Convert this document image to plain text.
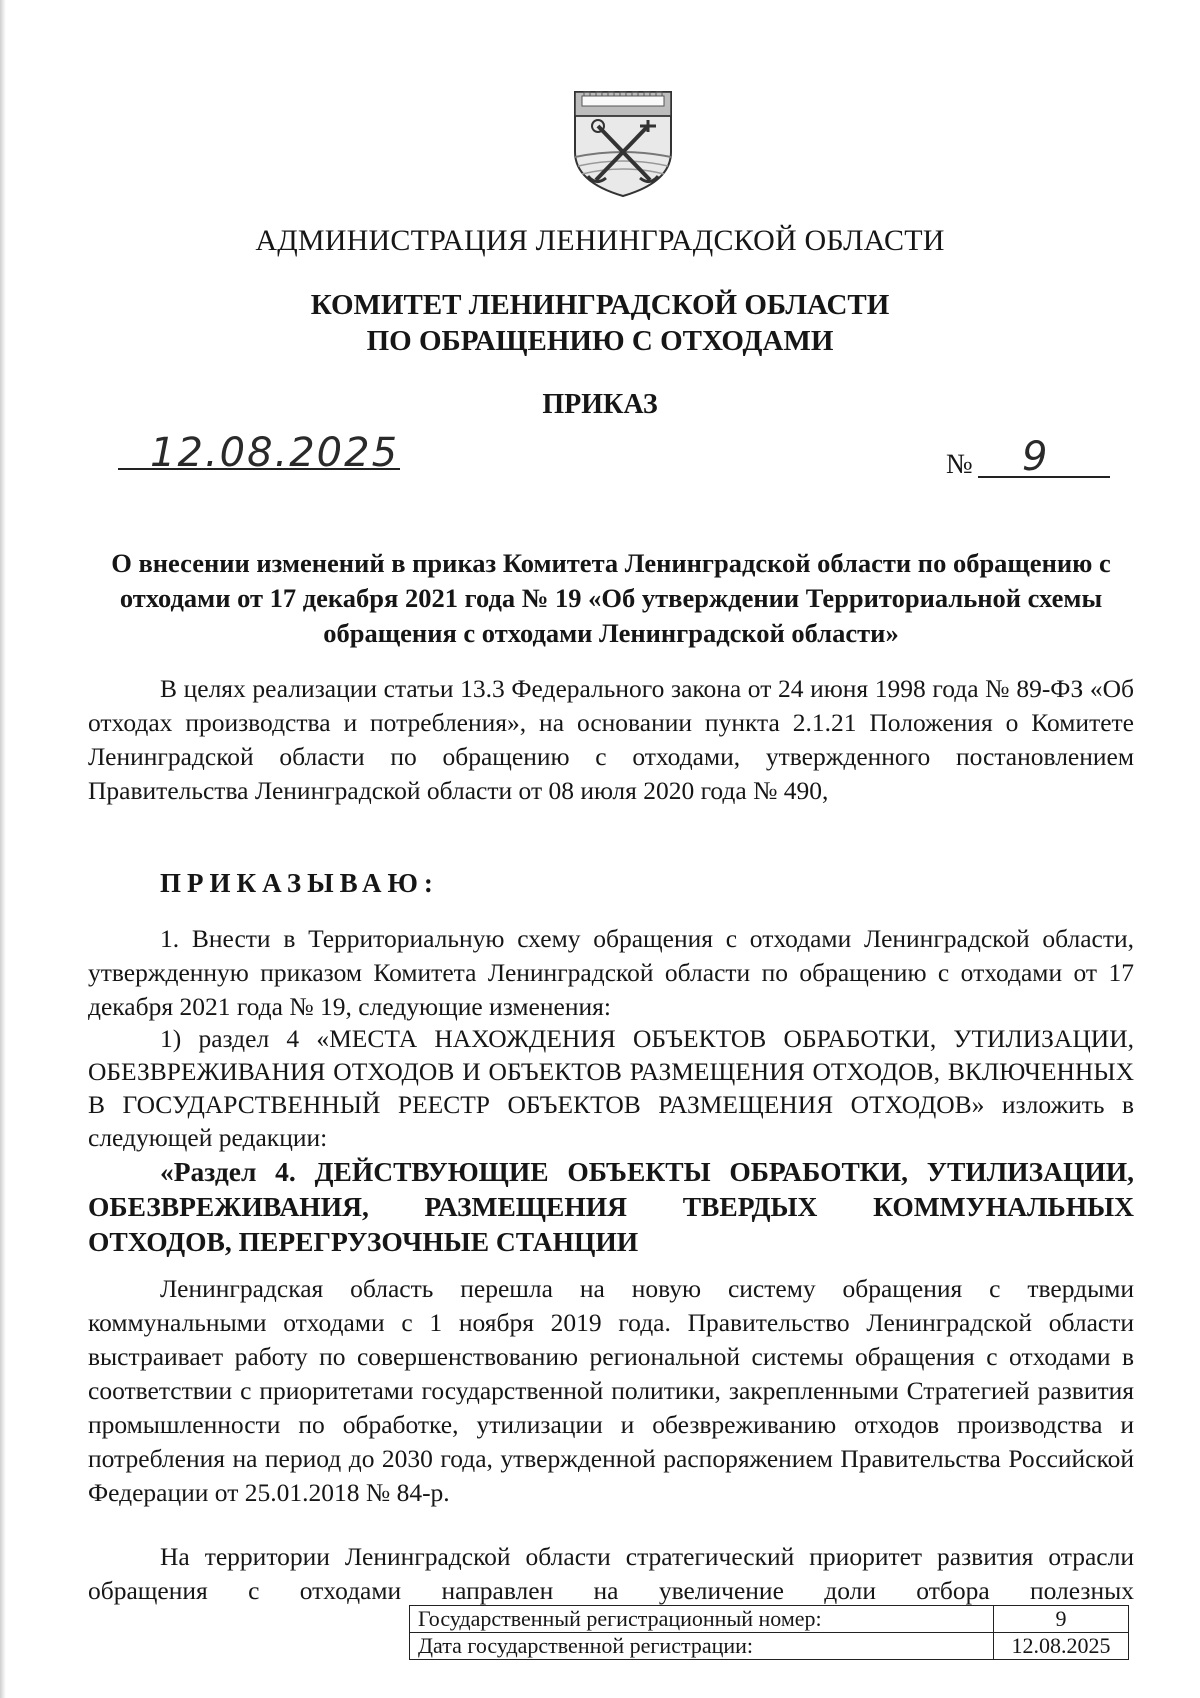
АДМИНИСТРАЦИЯ ЛЕНИНГРАДСКОЙ ОБЛАСТИ
КОМИТЕТ ЛЕНИНГРАДСКОЙ ОБЛАСТИ
ПО ОБРАЩЕНИЮ С ОТХОДАМИ
ПРИКАЗ
12.08.2025	№ 9
О внесении изменений в приказ Комитета Ленинградской области по обращению с отходами от 17 декабря 2021 года № 19 «Об утверждении Территориальной схемы обращения с отходами Ленинградской области»
В целях реализации статьи 13.3 Федерального закона от 24 июня 1998 года № 89-ФЗ «Об отходах производства и потребления», на основании пункта 2.1.21 Положения о Комитете Ленинградской области по обращению с отходами, утвержденного постановлением Правительства Ленинградской области от 08 июля 2020 года № 490,
ПРИКАЗЫВАЮ:
1. Внести в Территориальную схему обращения с отходами Ленинградской области, утвержденную приказом Комитета Ленинградской области по обращению с отходами от 17 декабря 2021 года № 19, следующие изменения:
1) раздел 4 «МЕСТА НАХОЖДЕНИЯ ОБЪЕКТОВ ОБРАБОТКИ, УТИЛИЗАЦИИ, ОБЕЗВРЕЖИВАНИЯ ОТХОДОВ И ОБЪЕКТОВ РАЗМЕЩЕНИЯ ОТХОДОВ, ВКЛЮЧЕННЫХ В ГОСУДАРСТВЕННЫЙ РЕЕСТР ОБЪЕКТОВ РАЗМЕЩЕНИЯ ОТХОДОВ» изложить в следующей редакции:
«Раздел 4. ДЕЙСТВУЮЩИЕ ОБЪЕКТЫ ОБРАБОТКИ, УТИЛИЗАЦИИ, ОБЕЗВРЕЖИВАНИЯ, РАЗМЕЩЕНИЯ ТВЕРДЫХ КОММУНАЛЬНЫХ ОТХОДОВ, ПЕРЕГРУЗОЧНЫЕ СТАНЦИИ
Ленинградская область перешла на новую систему обращения с твердыми коммунальными отходами с 1 ноября 2019 года. Правительство Ленинградской области выстраивает работу по совершенствованию региональной системы обращения с отходами в соответствии с приоритетами государственной политики, закрепленными Стратегией развития промышленности по обработке, утилизации и обезвреживанию отходов производства и потребления на период до 2030 года, утвержденной распоряжением Правительства Российской Федерации от 25.01.2018 № 84-р.
На территории Ленинградской области стратегический приоритет развития отрасли обращения с отходами направлен на увеличение доли отбора полезных
Государственный регистрационный номер:	9
Дата государственной регистрации:	12.08.2025
